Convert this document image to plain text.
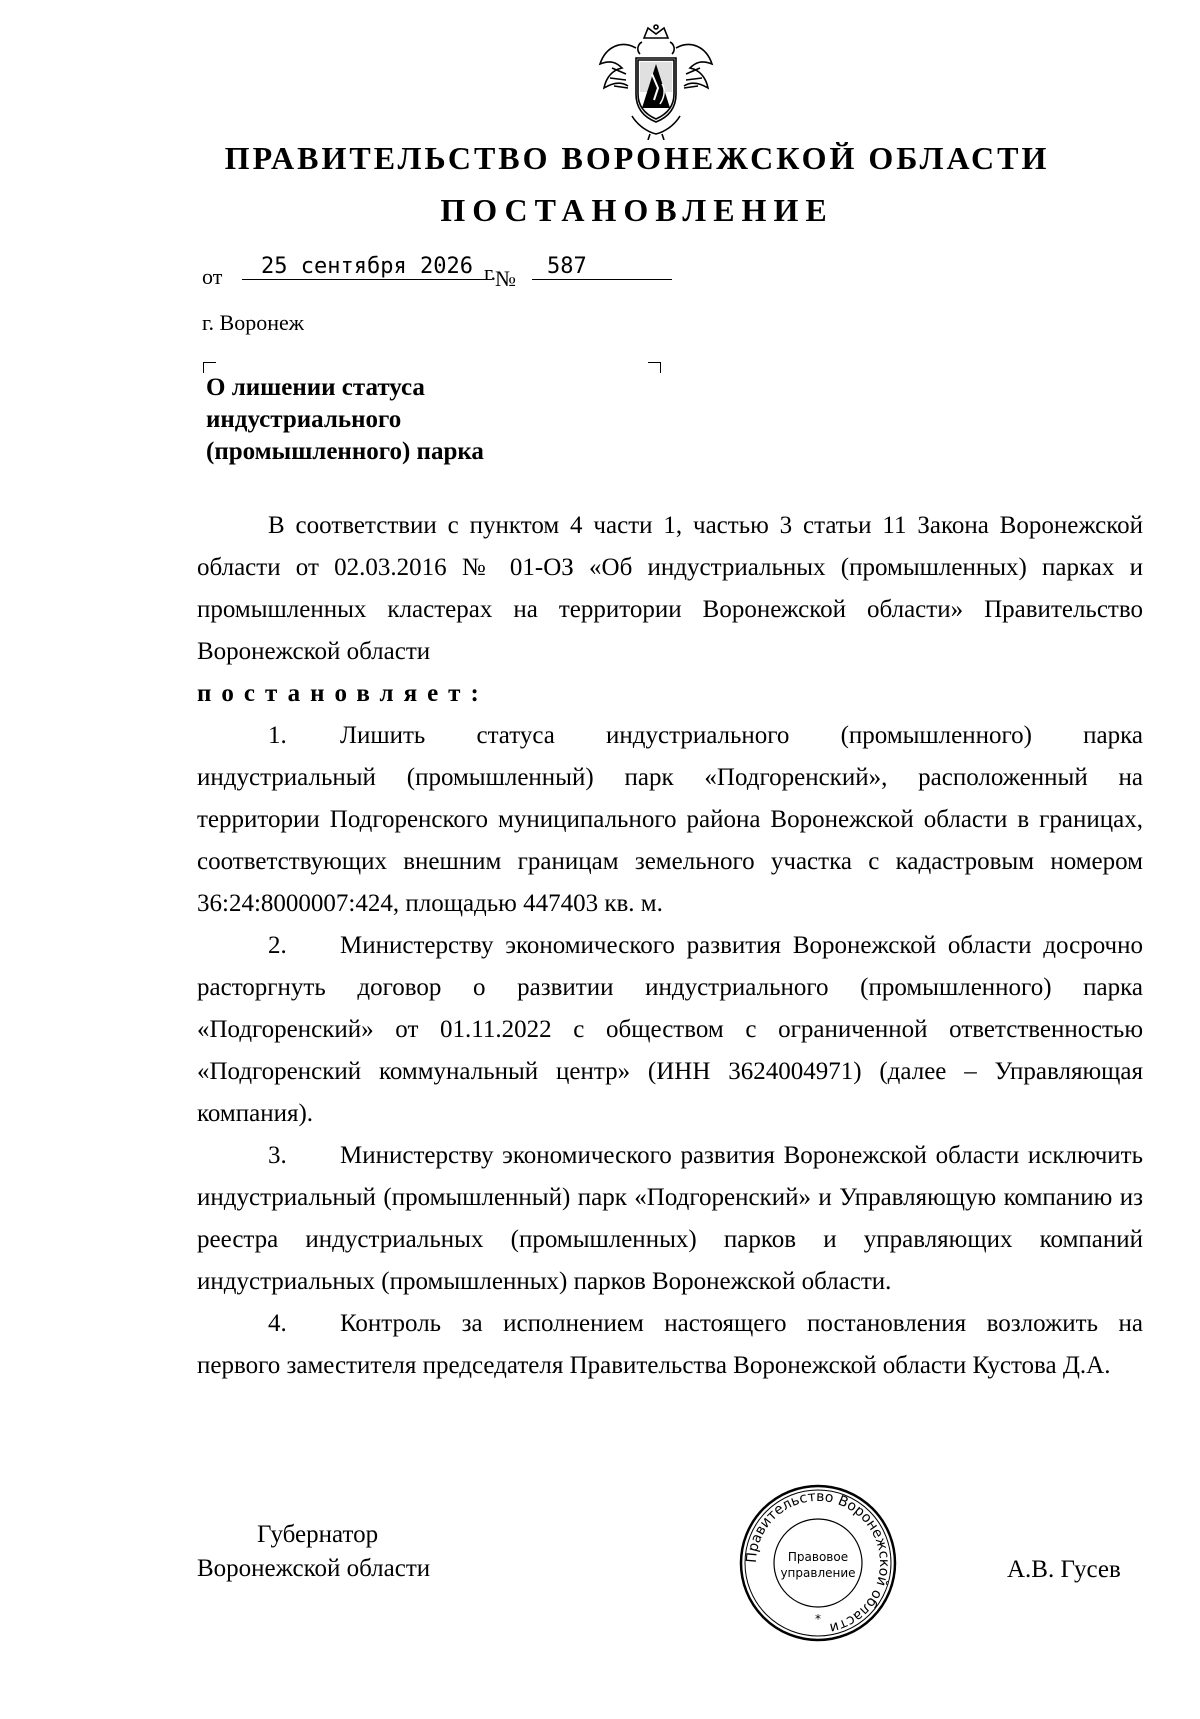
ПРАВИТЕЛЬСТВО ВОРОНЕЖСКОЙ ОБЛАСТИ
ПОСТАНОВЛЕНИЕ
от	25 сентября 2026 г.
№	587
г. Воронеж
О лишении статуса
индустриального
(промышленного) парка

В соответствии с пунктом 4 части 1, частью 3 статьи 11 Закона Воронежской области от 02.03.2016 № 01-ОЗ «Об индустриальных (промышленных) парках и промышленных кластерах на территории Воронежской области» Правительство Воронежской области

постановляет:

1. Лишить статуса индустриального (промышленного) парка индустриальный (промышленный) парк «Подгоренский», расположенный на территории Подгоренского муниципального района Воронежской области в границах, соответствующих внешним границам земельного участка с кадастровым номером 36:24:8000007:424, площадью 447403 кв. м.

2. Министерству экономического развития Воронежской области досрочно расторгнуть договор о развитии индустриального (промышленного) парка «Подгоренский» от 01.11.2022 с обществом с ограниченной ответственностью «Подгоренский коммунальный центр» (ИНН 3624004971) (далее – Управляющая компания).

3. Министерству экономического развития Воронежской области исключить индустриальный (промышленный) парк «Подгоренский» и Управляющую компанию из реестра индустриальных (промышленных) парков и управляющих компаний индустриальных (промышленных) парков Воронежской области.

4. Контроль за исполнением настоящего постановления возложить на первого заместителя председателя Правительства Воронежской области Кустова Д.А.

Губернатор
Воронежской области	Правительство Воронежской области
Правовое
управление
*
А.В. Гусев
